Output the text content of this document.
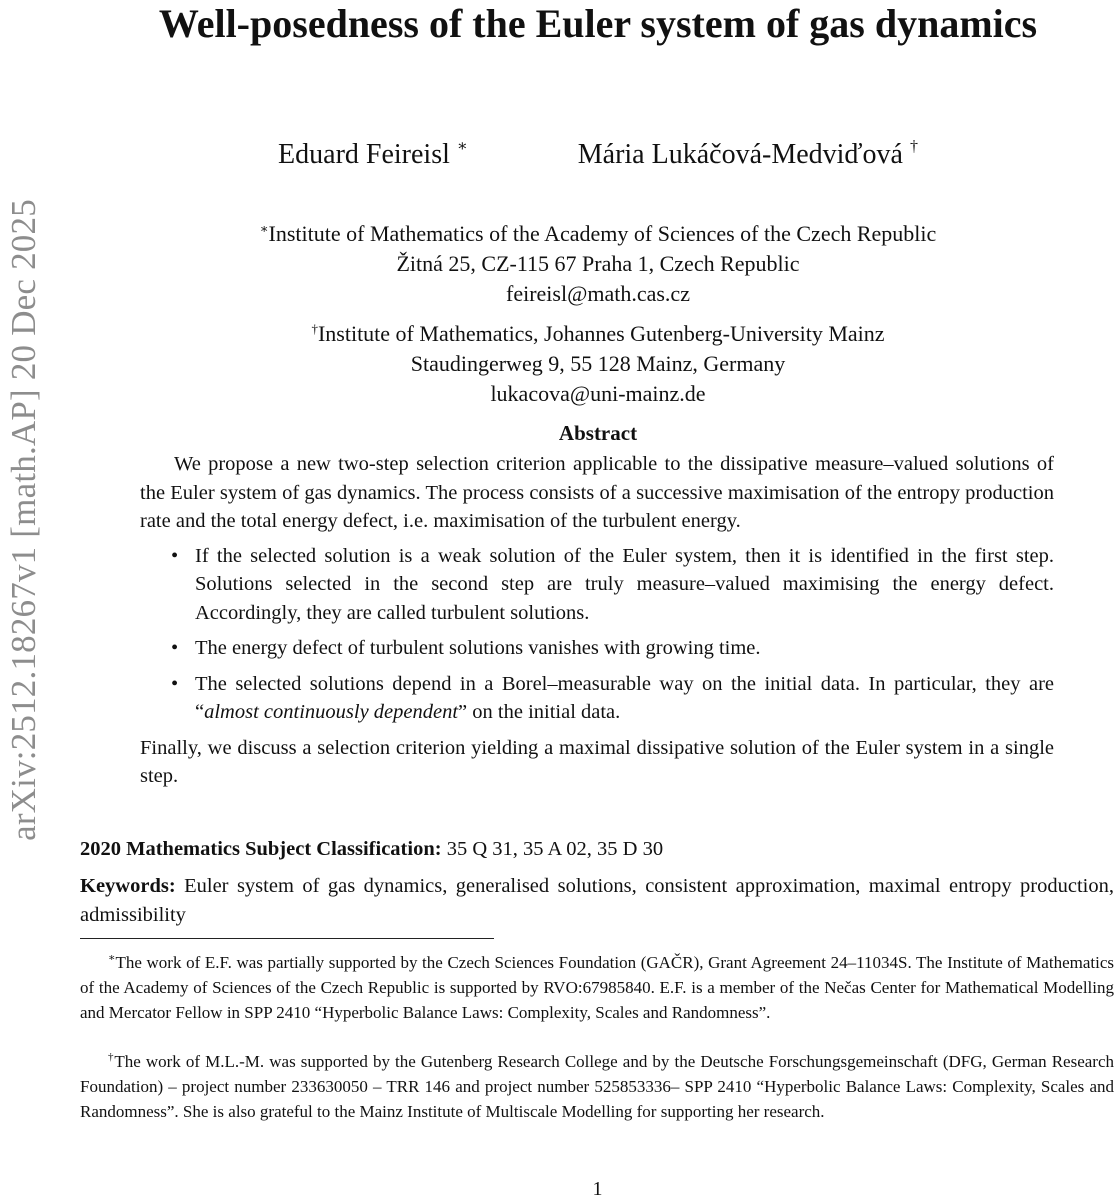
arXiv:2512.18267v1 [math.AP] 20 Dec 2025
Well-posedness of the Euler system of gas dynamics
Eduard Feireisl ∗	Mária Lukáčová-Medviďová †
∗Institute of Mathematics of the Academy of Sciences of the Czech Republic
Žitná 25, CZ-115 67 Praha 1, Czech Republic
feireisl@math.cas.cz
†Institute of Mathematics, Johannes Gutenberg-University Mainz
Staudingerweg 9, 55 128 Mainz, Germany
lukacova@uni-mainz.de
Abstract

We propose a new two-step selection criterion applicable to the dissipative measure–valued solutions of the Euler system of gas dynamics. The process consists of a successive maximisation of the entropy production rate and the total energy defect, i.e. maximisation of the turbulent energy.

• If the selected solution is a weak solution of the Euler system, then it is identified in the first step. Solutions selected in the second step are truly measure–valued maximising the energy defect. Accordingly, they are called turbulent solutions.
• The energy defect of turbulent solutions vanishes with growing time.
• The selected solutions depend in a Borel–measurable way on the initial data. In particular, they are “almost continuously dependent” on the initial data.

Finally, we discuss a selection criterion yielding a maximal dissipative solution of the Euler system in a single step.

2020 Mathematics Subject Classification: 35 Q 31, 35 A 02, 35 D 30
Keywords: Euler system of gas dynamics, generalised solutions, consistent approximation, maximal entropy production, admissibility
∗The work of E.F. was partially supported by the Czech Sciences Foundation (GAČR), Grant Agreement 24–11034S. The Institute of Mathematics of the Academy of Sciences of the Czech Republic is supported by RVO:67985840. E.F. is a member of the Nečas Center for Mathematical Modelling and Mercator Fellow in SPP 2410 “Hyperbolic Balance Laws: Complexity, Scales and Randomness”.
†The work of M.L.-M. was supported by the Gutenberg Research College and by the Deutsche Forschungsgemeinschaft (DFG, German Research Foundation) – project number 233630050 – TRR 146 and project number 525853336– SPP 2410 “Hyperbolic Balance Laws: Complexity, Scales and Randomness”. She is also grateful to the Mainz Institute of Multiscale Modelling for supporting her research.
1
